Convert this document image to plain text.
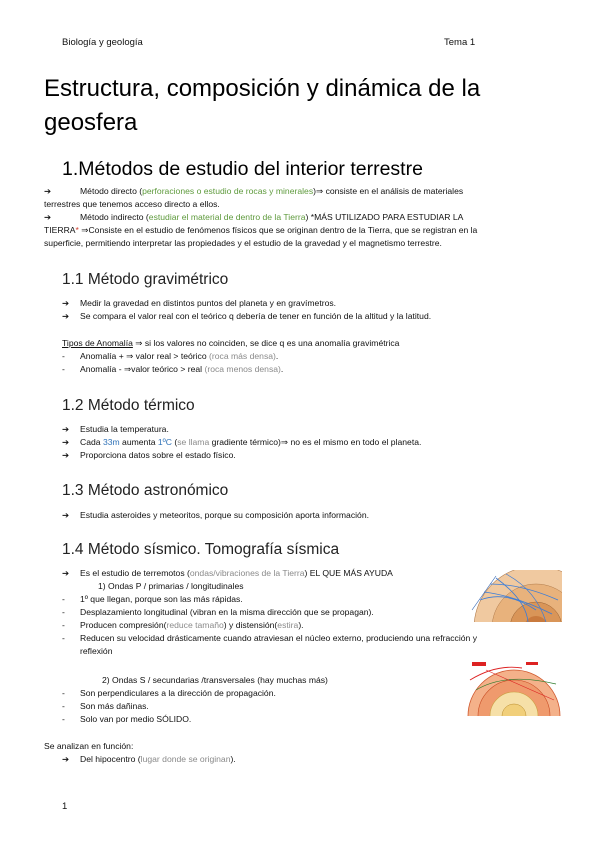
Biología y geología	Tema 1
Estructura, composición y dinámica de la geosfera
1.Métodos de estudio del interior terrestre
➔	Método directo (perforaciones o estudio de rocas y minerales)⇒ consiste en el análisis de materiales
terrestres que tenemos acceso directo a ellos.
➔	Método indirecto (estudiar el material de dentro de la Tierra) *MÁS UTILIZADO PARA ESTUDIAR LA
TIERRA* ⇒Consiste en el estudio de fenómenos físicos que se originan dentro de la Tierra, que se registran en la
superficie, permitiendo interpretar las propiedades y el estudio de la gravedad y el magnetismo terrestre.
1.1 Método gravimétrico
➔ Medir la gravedad en distintos puntos del planeta y en gravímetros.
➔ Se compara el valor real con el teórico q debería de tener en función de la altitud y la latitud.
Tipos de Anomalía ⇒ si los valores no coinciden, se dice q es una anomalía gravimétrica
- Anomalía + ⇒ valor real > teórico (roca más densa).
- Anomalía - ⇒valor teórico > real (roca menos densa).
1.2 Método térmico
➔ Estudia la temperatura.
➔ Cada 33m aumenta 1ºC (se llama gradiente térmico)⇒ no es el mismo en todo el planeta.
➔ Proporciona datos sobre el estado físico.
1.3 Método astronómico
➔ Estudia asteroides y meteoritos, porque su composición aporta información.
1.4 Método sísmico. Tomografía sísmica
➔ Es el estudio de terremotos (ondas/vibraciones de la Tierra) EL QUE MÁS AYUDA
1) Ondas P / primarias / longitudinales
- 1º que llegan, porque son las más rápidas.
- Desplazamiento longitudinal (vibran en la misma dirección que se propagan).
- Producen compresión(reduce tamaño) y distensión(estira).
- Reducen su velocidad drásticamente cuando atraviesan el núcleo externo, produciendo una refracción y
reflexión
2) Ondas S / secundarias /transversales (hay muchas más)
- Son perpendiculares a la dirección de propagación.
- Son más dañinas.
- Solo van por medio SÓLIDO.
Se analizan en función:
➔ Del hipocentro (lugar donde se originan).
1
